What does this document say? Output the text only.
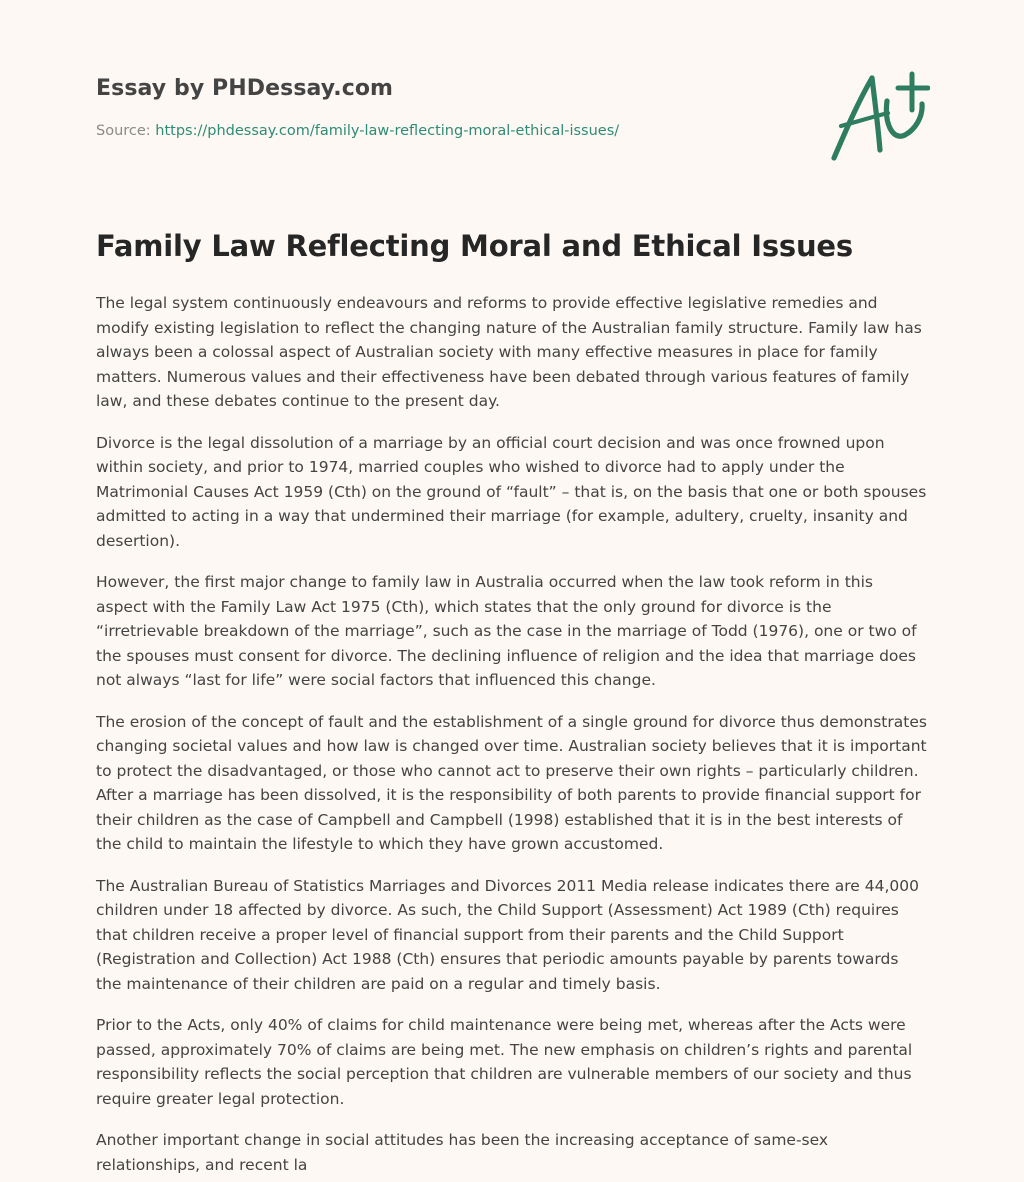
Essay by PHDessay.com
Source: https://phdessay.com/family-law-reflecting-moral-ethical-issues/
Family Law Reflecting Moral and Ethical Issues

The legal system continuously endeavours and reforms to provide effective legislative remedies and modify existing legislation to reflect the changing nature of the Australian family structure. Family law has always been a colossal aspect of Australian society with many effective measures in place for family matters. Numerous values and their effectiveness have been debated through various features of family law, and these debates continue to the present day.

Divorce is the legal dissolution of a marriage by an official court decision and was once frowned upon within society, and prior to 1974, married couples who wished to divorce had to apply under the Matrimonial Causes Act 1959 (Cth) on the ground of “fault” – that is, on the basis that one or both spouses admitted to acting in a way that undermined their marriage (for example, adultery, cruelty, insanity and desertion).

However, the first major change to family law in Australia occurred when the law took reform in this aspect with the Family Law Act 1975 (Cth), which states that the only ground for divorce is the “irretrievable breakdown of the marriage”, such as the case in the marriage of Todd (1976), one or two of the spouses must consent for divorce. The declining influence of religion and the idea that marriage does not always “last for life” were social factors that influenced this change.

The erosion of the concept of fault and the establishment of a single ground for divorce thus demonstrates changing societal values and how law is changed over time. Australian society believes that it is important to protect the disadvantaged, or those who cannot act to preserve their own rights – particularly children. After a marriage has been dissolved, it is the responsibility of both parents to provide financial support for their children as the case of Campbell and Campbell (1998) established that it is in the best interests of the child to maintain the lifestyle to which they have grown accustomed.

The Australian Bureau of Statistics Marriages and Divorces 2011 Media release indicates there are 44,000 children under 18 affected by divorce. As such, the Child Support (Assessment) Act 1989 (Cth) requires that children receive a proper level of financial support from their parents and the Child Support (Registration and Collection) Act 1988 (Cth) ensures that periodic amounts payable by parents towards the maintenance of their children are paid on a regular and timely basis.

Prior to the Acts, only 40% of claims for child maintenance were being met, whereas after the Acts were passed, approximately 70% of claims are being met. The new emphasis on children’s rights and parental responsibility reflects the social perception that children are vulnerable members of our society and thus require greater legal protection.

Another important change in social attitudes has been the increasing acceptance of same-sex relationships, and recent la
